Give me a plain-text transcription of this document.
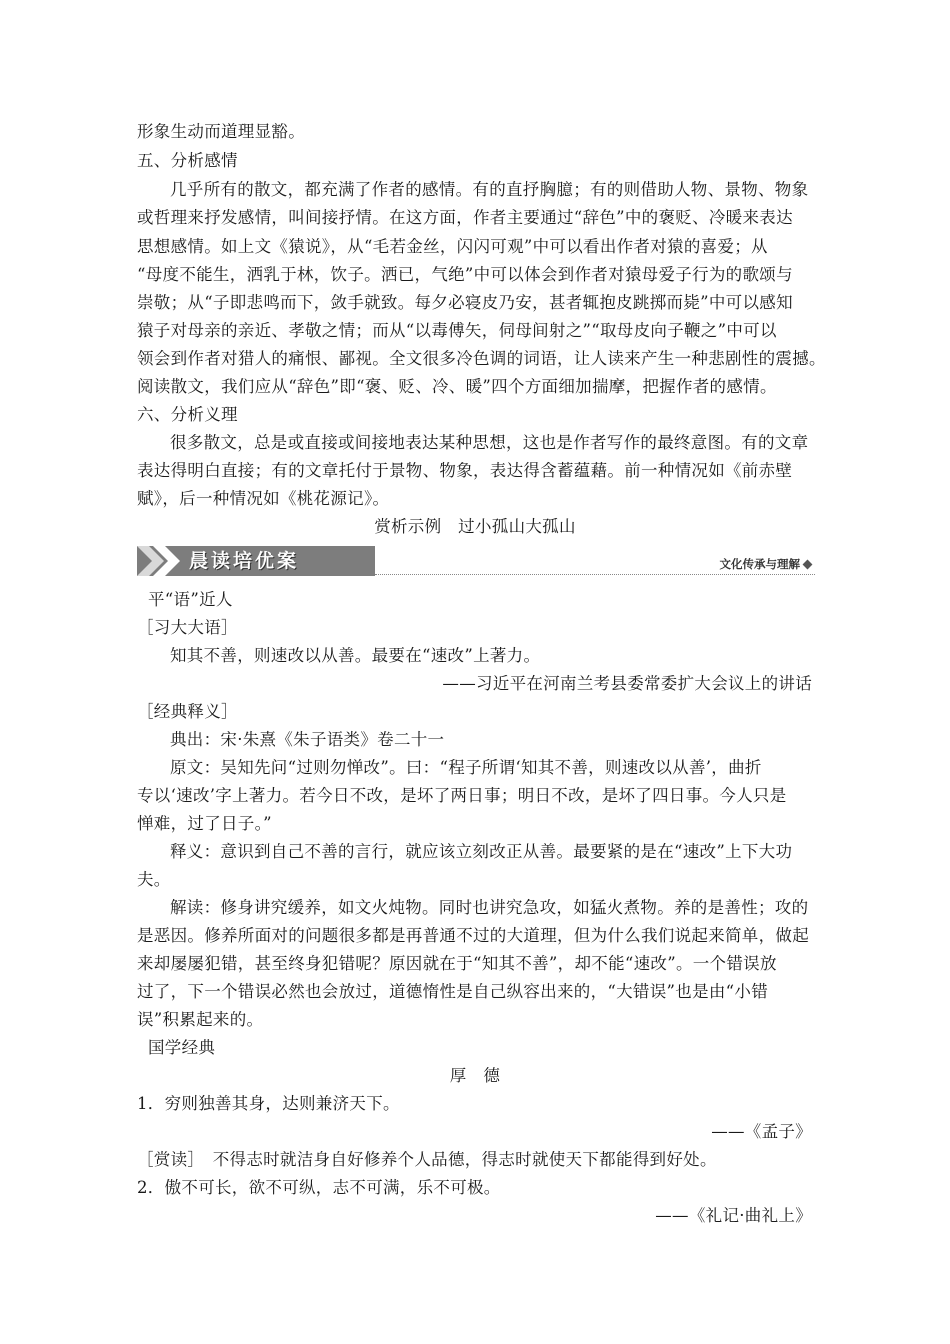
形象生动而道理显豁。
五、分析感情
几乎所有的散文，都充满了作者的感情。有的直抒胸臆；有的则借助人物、景物、物象
或哲理来抒发感情，叫间接抒情。在这方面，作者主要通过“辞色”中的褒贬、冷暖来表达
思想感情。如上文《猿说》，从“毛若金丝，闪闪可观”中可以看出作者对猿的喜爱；从
“母度不能生，洒乳于林，饮子。洒已，气绝”中可以体会到作者对猿母爱子行为的歌颂与
崇敬；从“子即悲鸣而下，敛手就致。每夕必寝皮乃安，甚者辄抱皮跳掷而毙”中可以感知
猿子对母亲的亲近、孝敬之情；而从“以毒傅矢，伺母间射之”“取母皮向子鞭之”中可以
领会到作者对猎人的痛恨、鄙视。全文很多冷色调的词语，让人读来产生一种悲剧性的震撼。
阅读散文，我们应从“辞色”即“褒、贬、冷、暖”四个方面细加揣摩，把握作者的感情。
六、分析义理
很多散文，总是或直接或间接地表达某种思想，这也是作者写作的最终意图。有的文章
表达得明白直接；有的文章托付于景物、物象，表达得含蓄蕴藉。前一种情况如《前赤壁
赋》，后一种情况如《桃花源记》。
赏析示例　过小孤山大孤山
晨读培优案	文化传承与理解
平“语”近人
［习大大语］
知其不善，则速改以从善。最要在“速改”上著力。
——习近平在河南兰考县委常委扩大会议上的讲话
［经典释义］
典出：宋·朱熹《朱子语类》卷二十一
原文：吴知先问“过则勿惮改”。曰：“程子所谓‘知其不善，则速改以从善’，曲折
专以‘速改’字上著力。若今日不改，是坏了两日事；明日不改，是坏了四日事。今人只是
惮难，过了日子。”
释义：意识到自己不善的言行，就应该立刻改正从善。最要紧的是在“速改”上下大功
夫。
解读：修身讲究缓养，如文火炖物。同时也讲究急攻，如猛火煮物。养的是善性；攻的
是恶因。修养所面对的问题很多都是再普通不过的大道理，但为什么我们说起来简单，做起
来却屡屡犯错，甚至终身犯错呢？原因就在于“知其不善”，却不能“速改”。一个错误放
过了，下一个错误必然也会放过，道德惰性是自己纵容出来的，“大错误”也是由“小错
误”积累起来的。
国学经典
厚　德
1．穷则独善其身，达则兼济天下。
——《孟子》
［赏读］　不得志时就洁身自好修养个人品德，得志时就使天下都能得到好处。
2．傲不可长，欲不可纵，志不可满，乐不可极。
——《礼记·曲礼上》
